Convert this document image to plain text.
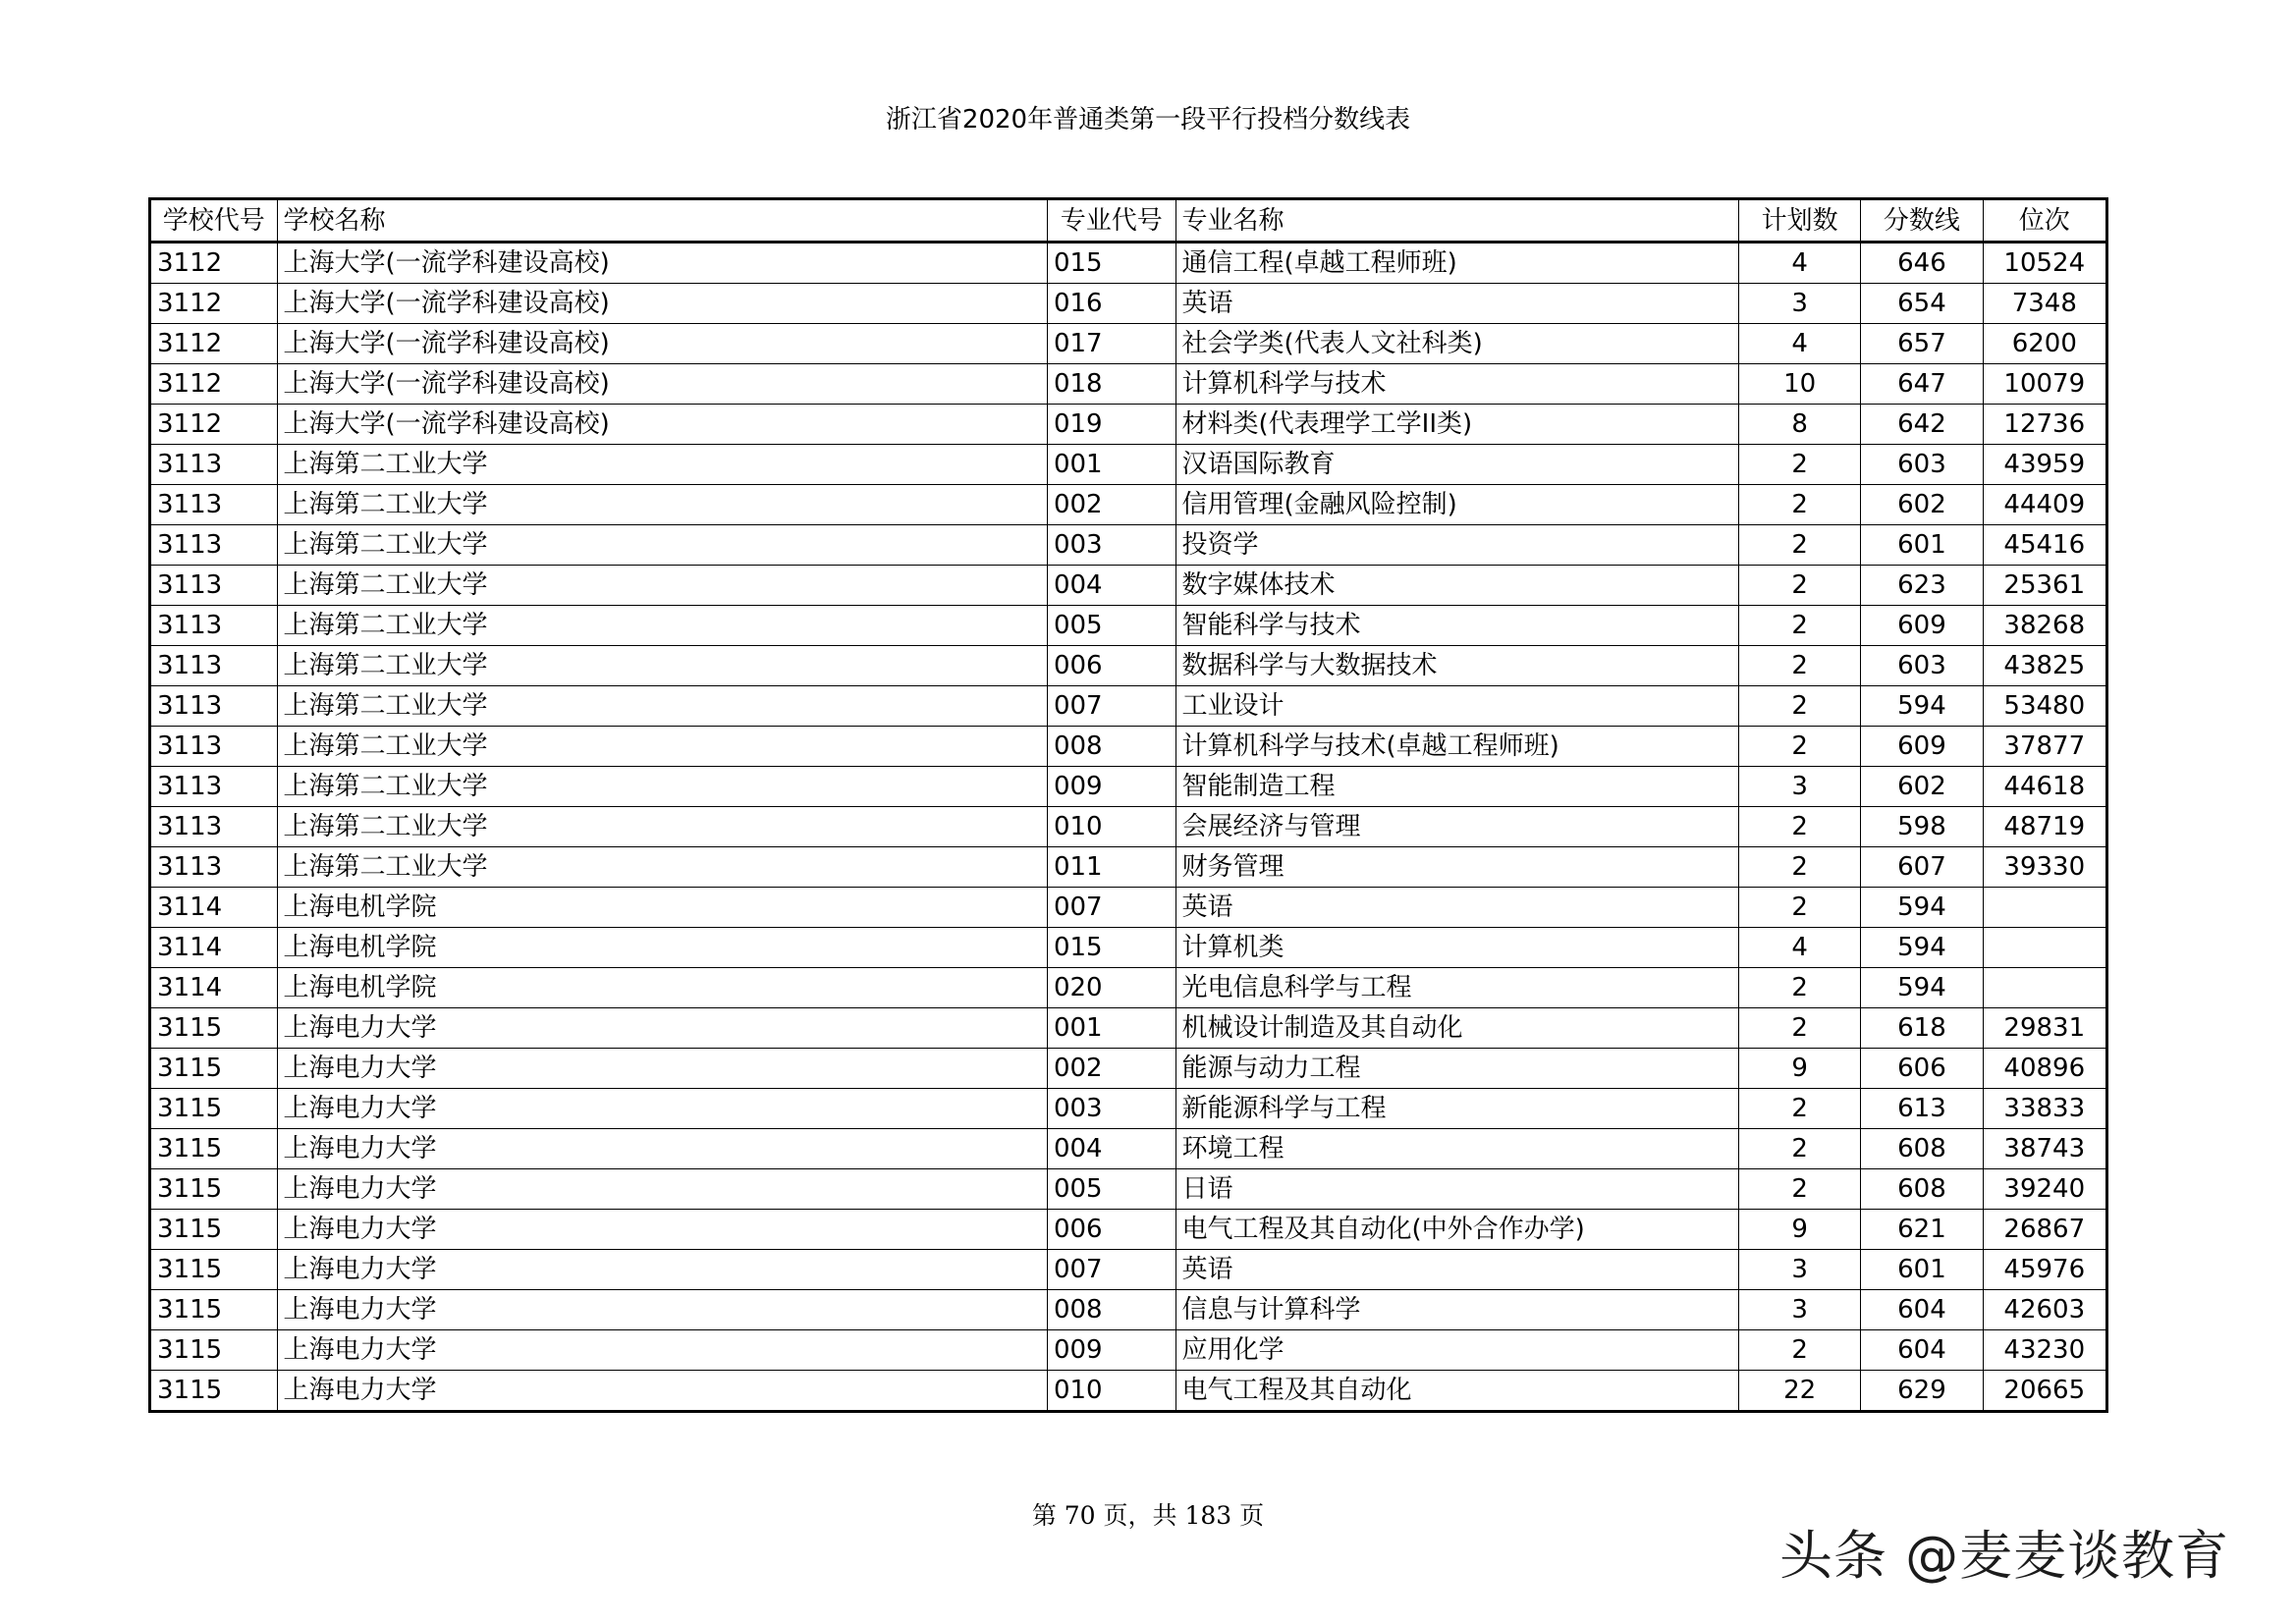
浙江省2020年普通类第一段平行投档分数线表
学校代号	学校名称	专业代号	专业名称	计划数	分数线	位次
3112	上海大学(一流学科建设高校)	015	通信工程(卓越工程师班)	4	646	10524
3112	上海大学(一流学科建设高校)	016	英语	3	654	7348
3112	上海大学(一流学科建设高校)	017	社会学类(代表人文社科类)	4	657	6200
3112	上海大学(一流学科建设高校)	018	计算机科学与技术	10	647	10079
3112	上海大学(一流学科建设高校)	019	材料类(代表理学工学II类)	8	642	12736
3113	上海第二工业大学	001	汉语国际教育	2	603	43959
3113	上海第二工业大学	002	信用管理(金融风险控制)	2	602	44409
3113	上海第二工业大学	003	投资学	2	601	45416
3113	上海第二工业大学	004	数字媒体技术	2	623	25361
3113	上海第二工业大学	005	智能科学与技术	2	609	38268
3113	上海第二工业大学	006	数据科学与大数据技术	2	603	43825
3113	上海第二工业大学	007	工业设计	2	594	53480
3113	上海第二工业大学	008	计算机科学与技术(卓越工程师班)	2	609	37877
3113	上海第二工业大学	009	智能制造工程	3	602	44618
3113	上海第二工业大学	010	会展经济与管理	2	598	48719
3113	上海第二工业大学	011	财务管理	2	607	39330
3114	上海电机学院	007	英语	2	594	
3114	上海电机学院	015	计算机类	4	594	
3114	上海电机学院	020	光电信息科学与工程	2	594	
3115	上海电力大学	001	机械设计制造及其自动化	2	618	29831
3115	上海电力大学	002	能源与动力工程	9	606	40896
3115	上海电力大学	003	新能源科学与工程	2	613	33833
3115	上海电力大学	004	环境工程	2	608	38743
3115	上海电力大学	005	日语	2	608	39240
3115	上海电力大学	006	电气工程及其自动化(中外合作办学)	9	621	26867
3115	上海电力大学	007	英语	3	601	45976
3115	上海电力大学	008	信息与计算科学	3	604	42603
3115	上海电力大学	009	应用化学	2	604	43230
3115	上海电力大学	010	电气工程及其自动化	22	629	20665
第 70 页，共 183 页
头条 @麦麦谈教育
